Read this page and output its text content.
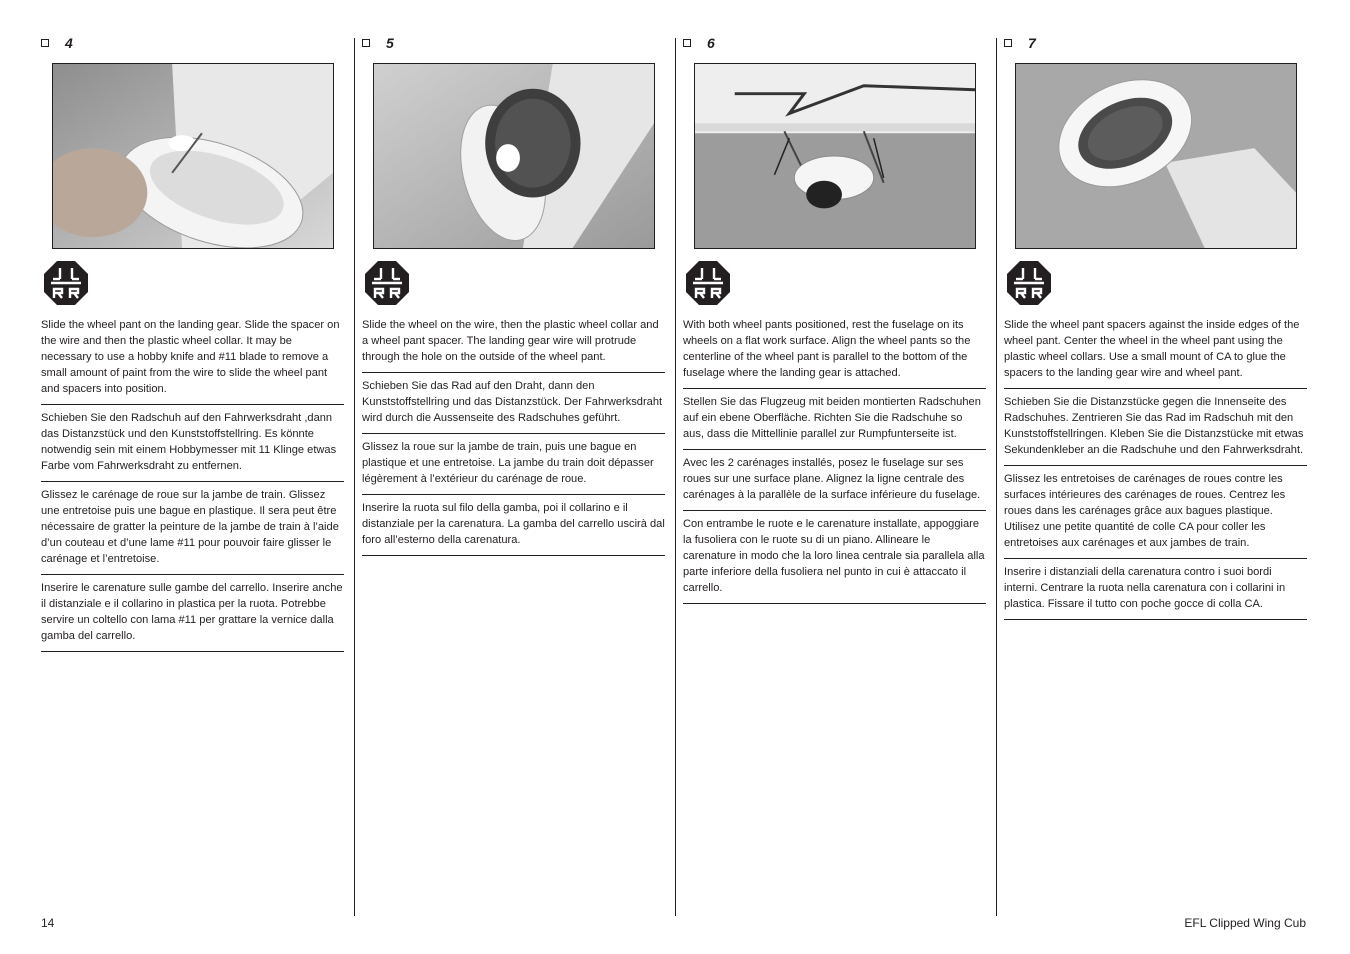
4
Slide the wheel pant on the landing gear. Slide the spacer on the wire and then the plastic wheel collar. It may be necessary to use a hobby knife and #11 blade to remove a small amount of paint from the wire to slide the wheel pant and spacers into position.
Schieben Sie den Radschuh auf den Fahrwerksdraht ,dann das Distanzstück und den Kunststoffstellring. Es könnte notwendig sein mit einem Hobbymesser mit 11 Klinge etwas Farbe vom Fahrwerksdraht zu entfernen.
Glissez le carénage de roue sur la jambe de train. Glissez une entretoise puis une bague en plastique. Il sera peut être nécessaire de gratter la peinture de la jambe de train à l’aide d’un couteau et d’une lame #11 pour pouvoir faire glisser le carénage et l’entretoise.
Inserire le carenature sulle gambe del carrello. Inserire anche il distanziale e il collarino in plastica per la ruota. Potrebbe servire un coltello con lama #11 per grattare la vernice dalla gamba del carrello.
5
Slide the wheel on the wire, then the plastic wheel collar and a wheel pant spacer. The landing gear wire will protrude through the hole on the outside of the wheel pant.
Schieben Sie das Rad auf den Draht, dann den Kunststoffstellring und das Distanzstück. Der Fahrwerksdraht wird durch die Aussenseite des Radschuhes geführt.
Glissez la roue sur la jambe de train, puis une bague en plastique et une entretoise. La jambe du train doit dépasser légèrement à l’extérieur du carénage de roue.
Inserire la ruota sul filo della gamba, poi il collarino e il distanziale per la carenatura. La gamba del carrello uscirà dal foro all’esterno della carenatura.
6
With both wheel pants positioned, rest the fuselage on its wheels on a flat work surface. Align the wheel pants so the centerline of the wheel pant is parallel to the bottom of the fuselage where the landing gear is attached.
Stellen Sie das Flugzeug mit beiden montierten Radschuhen auf ein ebene Oberfläche. Richten Sie die Radschuhe so aus, dass die Mittellinie parallel zur Rumpfunterseite ist.
Avec les 2 carénages installés, posez le fuselage sur ses roues sur une surface plane. Alignez la ligne centrale des carénages à la parallèle de la surface inférieure du fuselage.
Con entrambe le ruote e le carenature installate, appoggiare la fusoliera con le ruote su di un piano. Allineare le carenature in modo che la loro linea centrale sia parallela alla parte inferiore della fusoliera nel punto in cui è attaccato il carrello.
7
Slide the wheel pant spacers against the inside edges of the wheel pant. Center the wheel in the wheel pant using the plastic wheel collars. Use a small mount of CA to glue the spacers to the landing gear wire and wheel pant.
Schieben Sie die Distanzstücke gegen die Innenseite des Radschuhes. Zentrieren Sie das Rad im Radschuh mit den Kunststoffstellringen. Kleben Sie die Distanzstücke mit etwas Sekundenkleber an die Radschuhe und den Fahrwerksdraht.
Glissez les entretoises de carénages de roues contre les surfaces intérieures des carénages de roues. Centrez les roues dans les carénages grâce aux bagues plastique. Utilisez une petite quantité de colle CA pour coller les entretoises aux carénages et aux jambes de train.
Inserire i distanziali della carenatura contro i suoi bordi interni. Centrare la ruota nella carenatura con i collarini in plastica. Fissare il tutto con poche gocce di colla CA.
14	EFL Clipped Wing Cub
